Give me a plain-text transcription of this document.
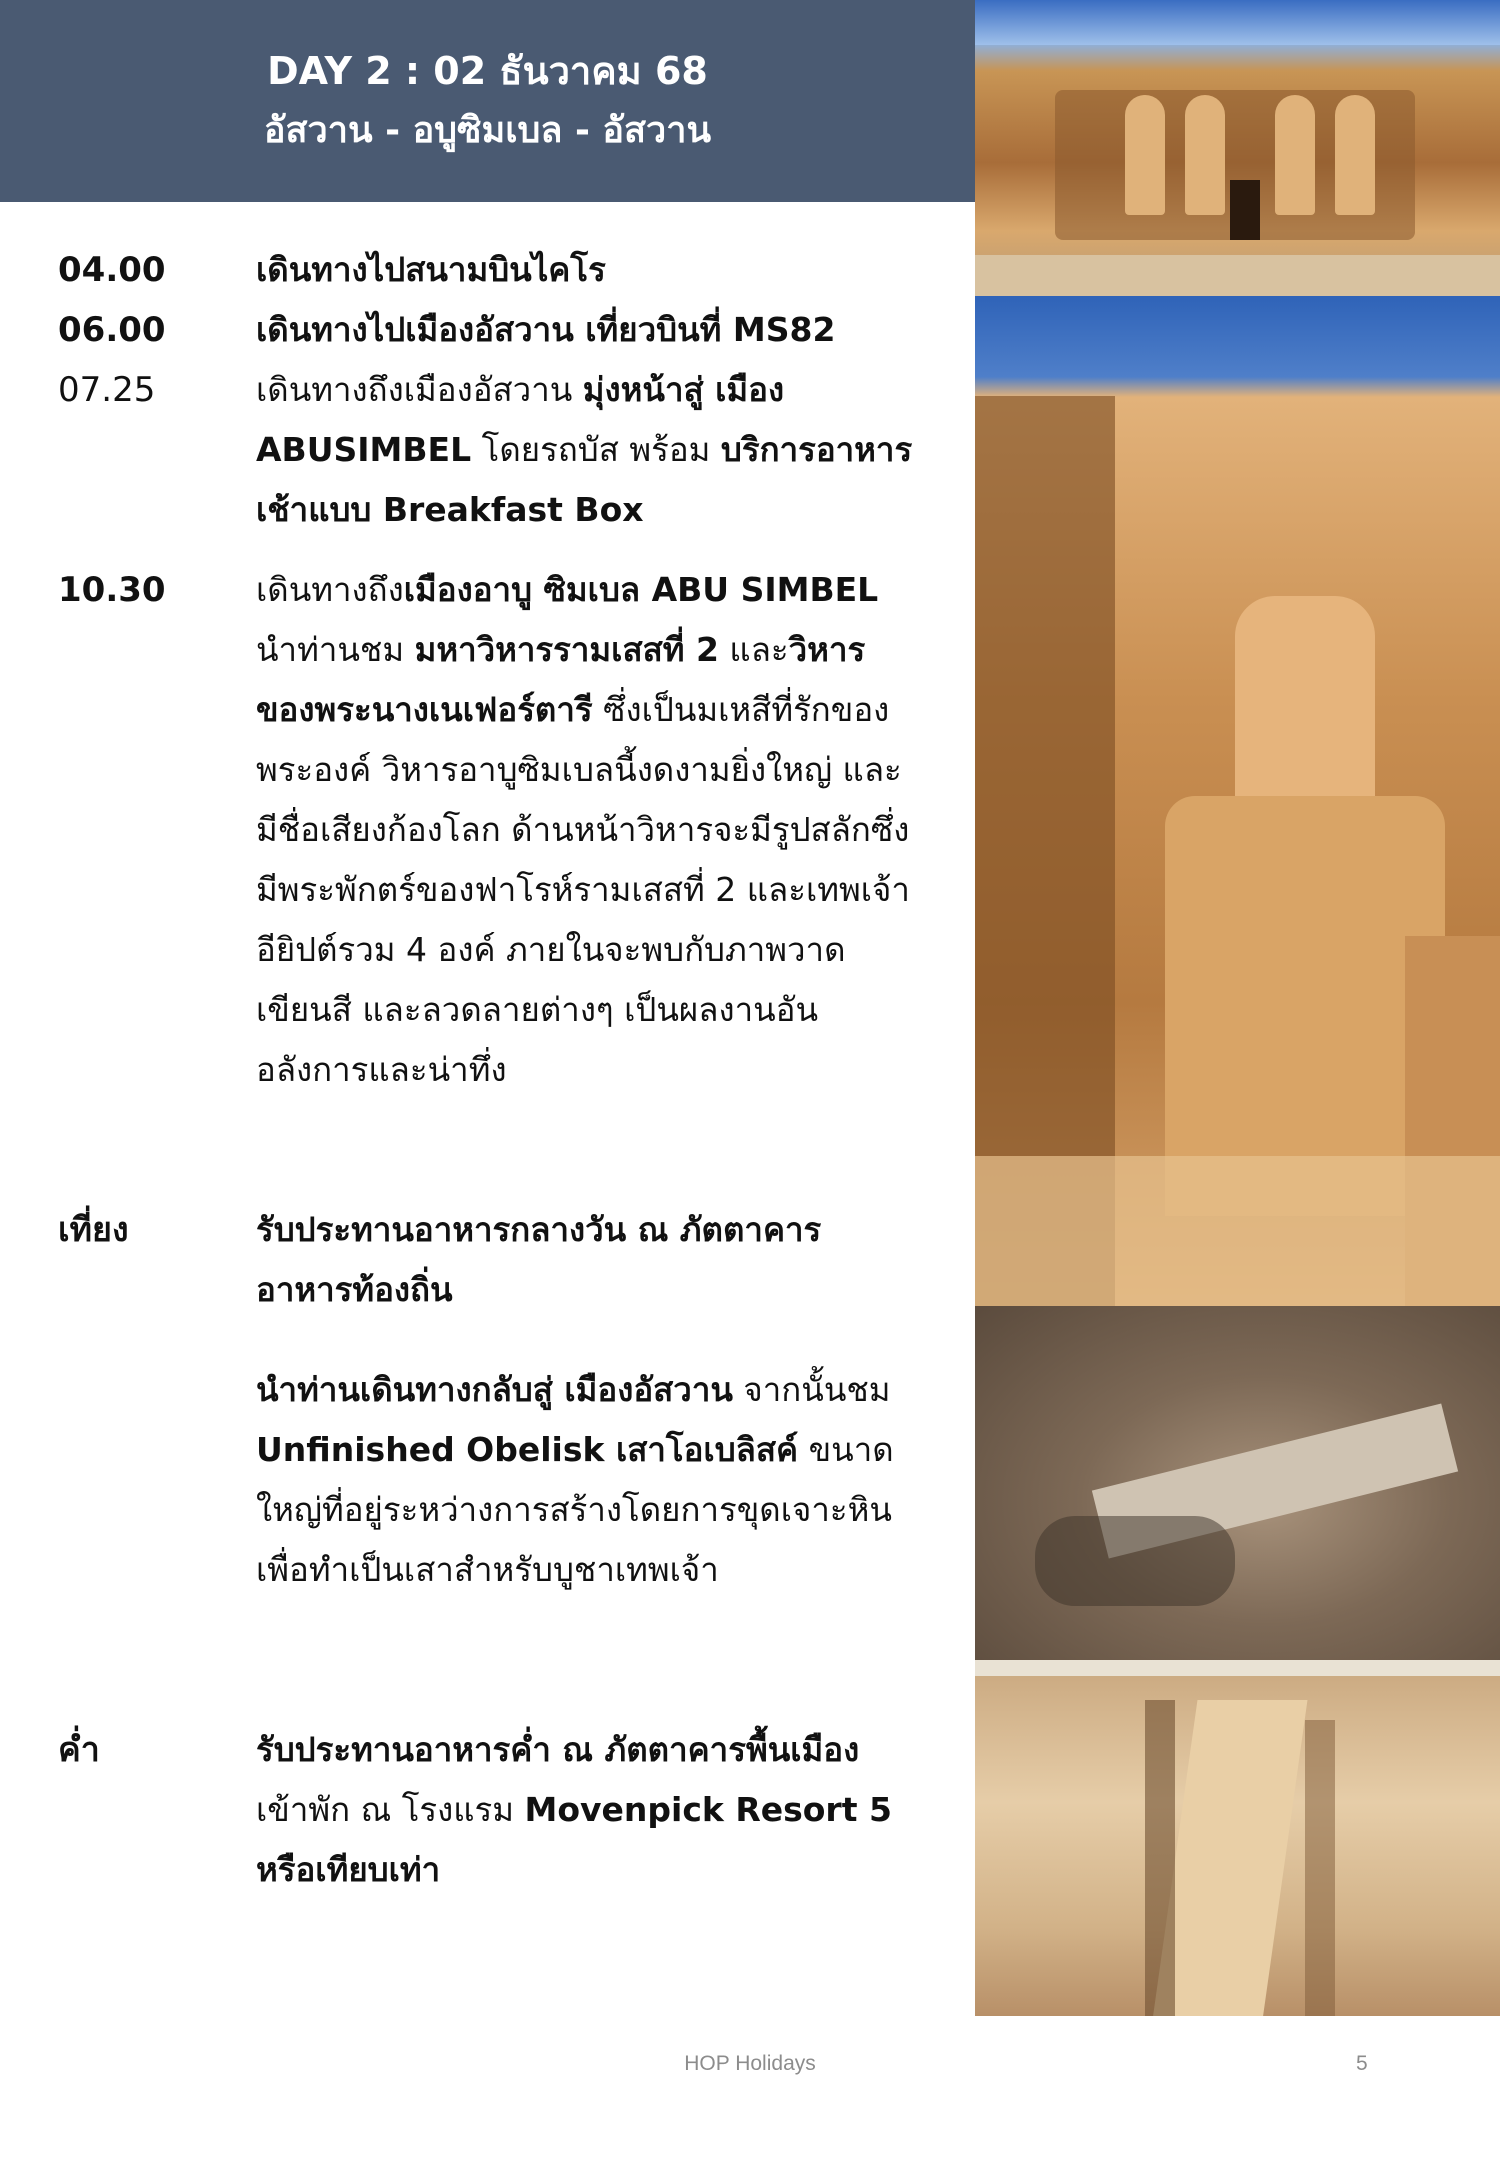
DAY 2 : 02 ธันวาคม 68
อัสวาน - อบูซิมเบล - อัสวาน
04.00	เดินทางไปสนามบินไคโร

06.00	เดินทางไปเมืองอัสวาน เที่ยวบินที่ MS82

07.25	เดินทางถึงเมืองอัสวาน มุ่งหน้าสู่ เมือง ABUSIMBEL โดยรถบัส พร้อม บริการอาหารเช้าแบบ Breakfast Box

10.30	เดินทางถึงเมืองอาบู ซิมเบล ABU SIMBEL นำท่านชม มหาวิหารรามเสสที่ 2 และวิหารของพระนางเนเฟอร์ตารี ซึ่งเป็นมเหสีที่รักของพระองค์ วิหารอาบูซิมเบลนี้งดงามยิ่งใหญ่ และมีชื่อเสียงก้องโลก ด้านหน้าวิหารจะมีรูปสลักซึ่งมีพระพักตร์ของฟาโรห์รามเสสที่ 2 และเทพเจ้าอียิปต์รวม 4 องค์ ภายในจะพบกับภาพวาดเขียนสี และลวดลายต่างๆ เป็นผลงานอันอลังการและน่าทึ่ง

เที่ยง	รับประทานอาหารกลางวัน ณ ภัตตาคารอาหารท้องถิ่น

นำท่านเดินทางกลับสู่ เมืองอัสวาน จากนั้นชม Unfinished Obelisk เสาโอเบลิสค์ ขนาดใหญ่ที่อยู่ระหว่างการสร้างโดยการขุดเจาะหิน เพื่อทำเป็นเสาสำหรับบูชาเทพเจ้า

ค่ำ	รับประทานอาหารค่ำ ณ ภัตตาคารพื้นเมือง เข้าพัก ณ โรงแรม Movenpick Resort 5 หรือเทียบเท่า

HOP Holidays	5
